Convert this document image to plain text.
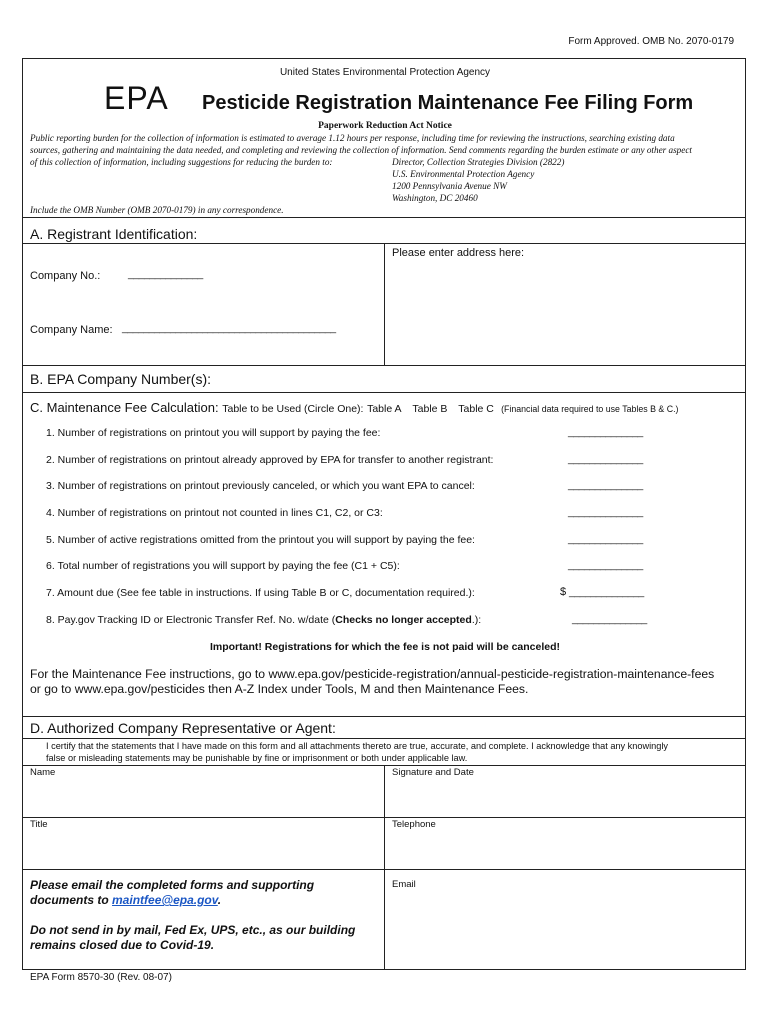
Form Approved. OMB No. 2070-0179
United States Environmental Protection Agency
EPA Pesticide Registration Maintenance Fee Filing Form
Paperwork Reduction Act Notice
Public reporting burden for the collection of information is estimated to average 1.12 hours per response, including time for reviewing the instructions, searching existing data
sources, gathering and maintaining the data needed, and completing and reviewing the collection of information. Send comments regarding the burden estimate or any other aspect
of this collection of information, including suggestions for reducing the burden to:	Director, Collection Strategies Division (2822)
U.S. Environmental Protection Agency
1200 Pennsylvania Avenue NW
Washington, DC 20460
Include the OMB Number (OMB 2070-0179) in any correspondence.
A. Registrant Identification:
Please enter address here:
Company No.:	______________
Company Name: ________________________________________
B. EPA Company Number(s):
C. Maintenance Fee Calculation: Table to be Used (Circle One): Table A Table B Table C (Financial data required to use Tables B & C.)
1. Number of registrations on printout you will support by paying the fee:	______________
2. Number of registrations on printout already approved by EPA for transfer to another registrant:	______________
3. Number of registrations on printout previously canceled, or which you want EPA to cancel:	______________
4. Number of registrations on printout not counted in lines C1, C2, or C3:	______________
5. Number of active registrations omitted from the printout you will support by paying the fee:	______________
6. Total number of registrations you will support by paying the fee (C1 + C5):	______________
7. Amount due (See fee table in instructions. If using Table B or C, documentation required.):	$ ______________
8. Pay.gov Tracking ID or Electronic Transfer Ref. No. w/date (Checks no longer accepted.):	______________
Important! Registrations for which the fee is not paid will be canceled!
For the Maintenance Fee instructions, go to www.epa.gov/pesticide-registration/annual-pesticide-registration-maintenance-fees
or go to www.epa.gov/pesticides then A-Z Index under Tools, M and then Maintenance Fees.
D. Authorized Company Representative or Agent:
I certify that the statements that I have made on this form and all attachments thereto are true, accurate, and complete. I acknowledge that any knowingly
false or misleading statements may be punishable by fine or imprisonment or both under applicable law.
Name	Signature and Date
Title	Telephone
Email
Please email the completed forms and supporting
documents to maintfee@epa.gov.
Do not send in by mail, Fed Ex, UPS, etc., as our building
remains closed due to Covid-19.
EPA Form 8570-30 (Rev. 08-07)
